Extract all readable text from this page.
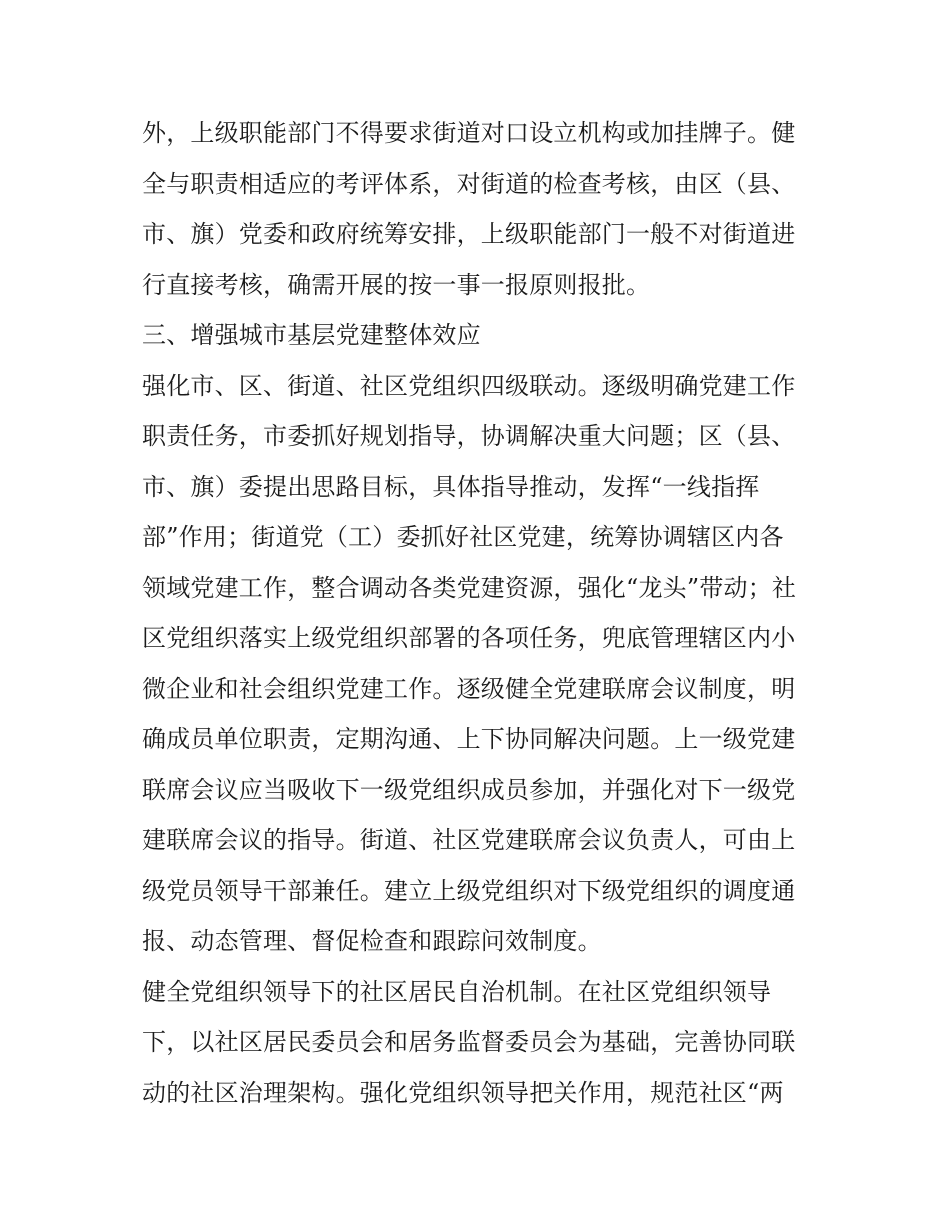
外，上级职能部门不得要求街道对口设立机构或加挂牌子。健
全与职责相适应的考评体系，对街道的检查考核，由区（县、
市、旗）党委和政府统筹安排，上级职能部门一般不对街道进
行直接考核，确需开展的按一事一报原则报批。
三、增强城市基层党建整体效应
强化市、区、街道、社区党组织四级联动。逐级明确党建工作
职责任务，市委抓好规划指导，协调解决重大问题；区（县、
市、旗）委提出思路目标，具体指导推动，发挥“一线指挥
部”作用；街道党（工）委抓好社区党建，统筹协调辖区内各
领域党建工作，整合调动各类党建资源，强化“龙头”带动；社
区党组织落实上级党组织部署的各项任务，兜底管理辖区内小
微企业和社会组织党建工作。逐级健全党建联席会议制度，明
确成员单位职责，定期沟通、上下协同解决问题。上一级党建
联席会议应当吸收下一级党组织成员参加，并强化对下一级党
建联席会议的指导。街道、社区党建联席会议负责人，可由上
级党员领导干部兼任。建立上级党组织对下级党组织的调度通
报、动态管理、督促检查和跟踪问效制度。
健全党组织领导下的社区居民自治机制。在社区党组织领导
下，以社区居民委员会和居务监督委员会为基础，完善协同联
动的社区治理架构。强化党组织领导把关作用，规范社区“两
